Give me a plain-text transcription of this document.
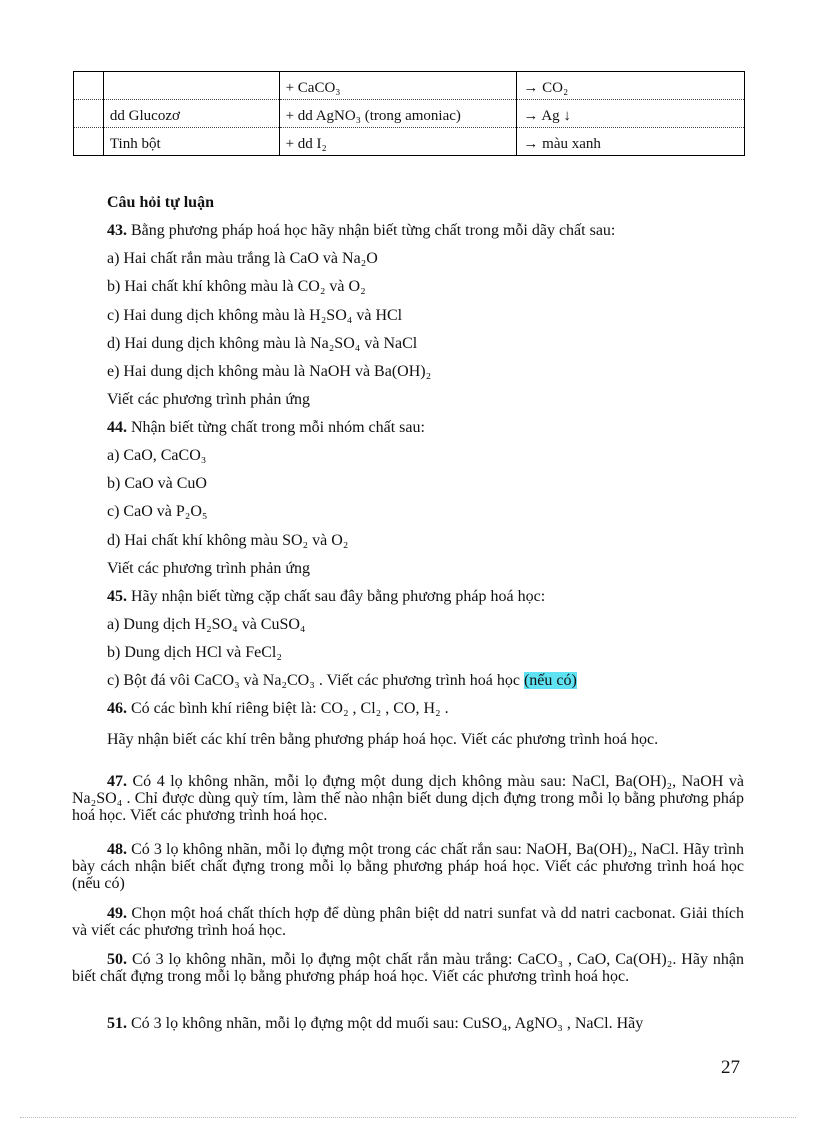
		+ CaCO₃	→ CO₂
	dd Glucozơ	+ dd AgNO₃ (trong amoniac)	→ Ag ↓
	Tinh bột	+ dd I₂	→ màu xanh
Câu hỏi tự luận
43. Bằng phương pháp hoá học hãy nhận biết từng chất trong mỗi dãy chất sau:
a) Hai chất rắn màu trắng là CaO và Na₂O
b) Hai chất khí không màu là CO₂ và O₂
c) Hai dung dịch không màu là H₂SO₄ và HCl
d) Hai dung dịch không màu là Na₂SO₄ và NaCl
e) Hai dung dịch không màu là NaOH và Ba(OH)₂
Viết các phương trình phản ứng
44. Nhận biết từng chất trong mỗi nhóm chất sau:
a) CaO, CaCO₃
b) CaO và CuO
c) CaO và P₂O₅
d) Hai chất khí không màu SO₂ và O₂
Viết các phương trình phản ứng
45. Hãy nhận biết từng cặp chất sau đây bằng phương pháp hoá học:
a) Dung dịch H₂SO₄ và CuSO₄
b) Dung dịch HCl và FeCl₂
c) Bột đá vôi CaCO₃ và Na₂CO₃ . Viết các phương trình hoá học (nếu có)
46. Có các bình khí riêng biệt là: CO₂ , Cl₂ , CO, H₂ .
Hãy nhận biết các khí trên bằng phương pháp hoá học. Viết các phương trình hoá học.
47. Có 4 lọ không nhãn, mỗi lọ đựng một dung dịch không màu sau: NaCl, Ba(OH)₂, NaOH và Na₂SO₄ . Chỉ được dùng quỳ tím, làm thế nào nhận biết dung dịch đựng trong mỗi lọ bằng phương pháp hoá học. Viết các phương trình hoá học.
48. Có 3 lọ không nhãn, mỗi lọ đựng một trong các chất rắn sau: NaOH, Ba(OH)₂, NaCl. Hãy trình bày cách nhận biết chất đựng trong mỗi lọ bằng phương pháp hoá học. Viết các phương trình hoá học (nếu có)
49. Chọn một hoá chất thích hợp để dùng phân biệt dd natri sunfat và dd natri cacbonat. Giải thích và viết các phương trình hoá học.
50. Có 3 lọ không nhãn, mỗi lọ đựng một chất rắn màu trắng: CaCO₃ , CaO, Ca(OH)₂. Hãy nhận biết chất đựng trong mỗi lọ bằng phương pháp hoá học. Viết các phương trình hoá học.
51. Có 3 lọ không nhãn, mỗi lọ đựng một dd muối sau: CuSO₄, AgNO₃ , NaCl. Hãy
27
